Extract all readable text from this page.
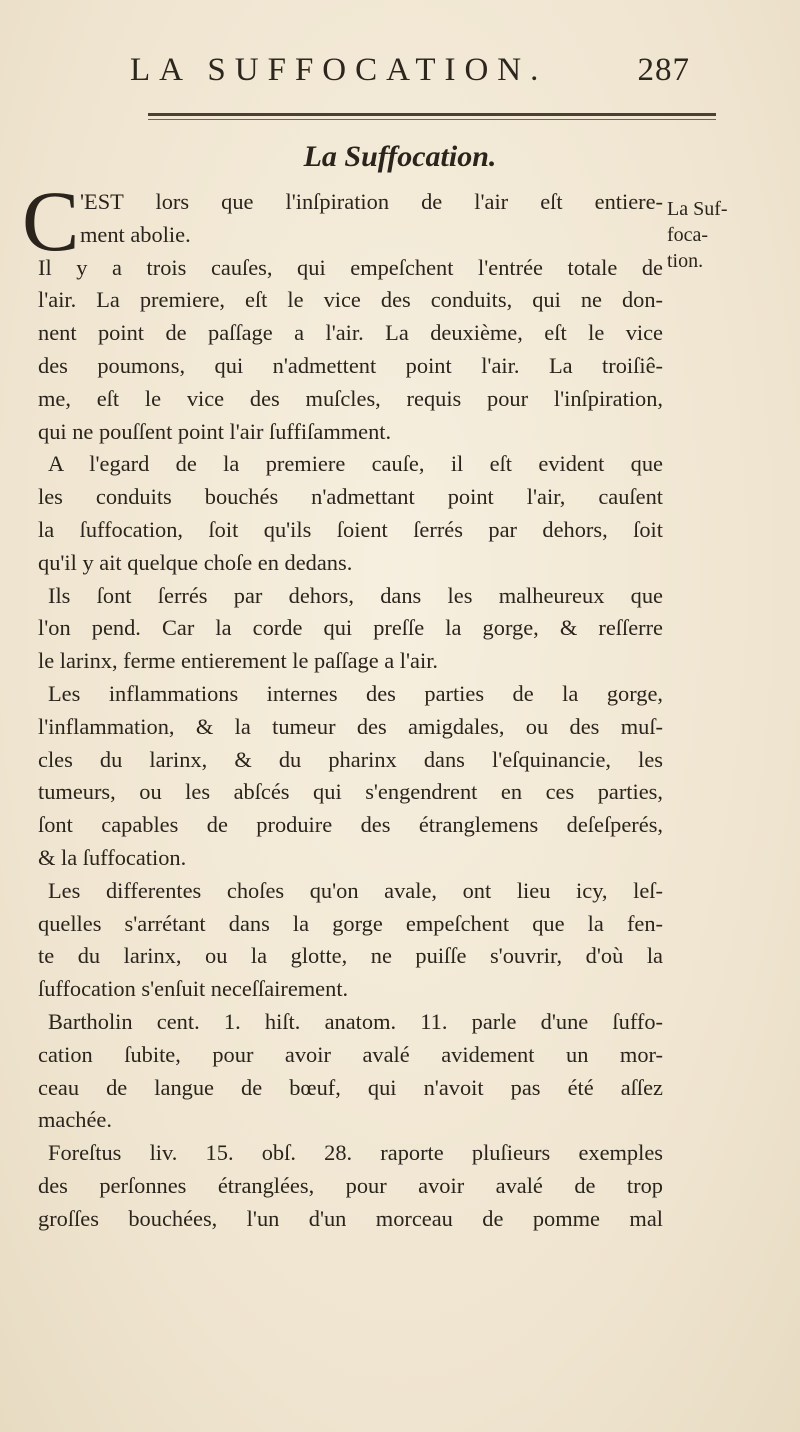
LA SUFFOCATION.	287
La Suffocation.
C	La Suf-
foca-
tion.
'EST lors que l'inſpiration de l'air eſt entiere-
ment abolie.
Il y a trois cauſes, qui empeſchent l'entrée totale de
l'air. La premiere, eſt le vice des conduits, qui ne don-
nent point de paſſage a l'air. La deuxième, eſt le vice
des poumons, qui n'admettent point l'air. La troiſiê-
me, eſt le vice des muſcles, requis pour l'inſpiration,
qui ne pouſſent point l'air ſuffiſamment.
A l'egard de la premiere cauſe, il eſt evident que
les conduits bouchés n'admettant point l'air, cauſent
la ſuffocation, ſoit qu'ils ſoient ſerrés par dehors, ſoit
qu'il y ait quelque choſe en dedans.
Ils ſont ſerrés par dehors, dans les malheureux que
l'on pend. Car la corde qui preſſe la gorge, & reſſerre
le larinx, ferme entierement le paſſage a l'air.
Les inflammations internes des parties de la gorge,
l'inflammation, & la tumeur des amigdales, ou des muſ-
cles du larinx, & du pharinx dans l'eſquinancie, les
tumeurs, ou les abſcés qui s'engendrent en ces parties,
ſont capables de produire des étranglemens deſeſperés,
& la ſuffocation.
Les differentes choſes qu'on avale, ont lieu icy, leſ-
quelles s'arrétant dans la gorge empeſchent que la fen-
te du larinx, ou la glotte, ne puiſſe s'ouvrir, d'où la
ſuffocation s'enſuit neceſſairement.
Bartholin cent. 1. hiſt. anatom. 11. parle d'une ſuffo-
cation ſubite, pour avoir avalé avidement un mor-
ceau de langue de bœuf, qui n'avoit pas été aſſez
machée.
Foreſtus liv. 15. obſ. 28. raporte pluſieurs exemples
des perſonnes étranglées, pour avoir avalé de trop
groſſes bouchées, l'un d'un morceau de pomme mal
